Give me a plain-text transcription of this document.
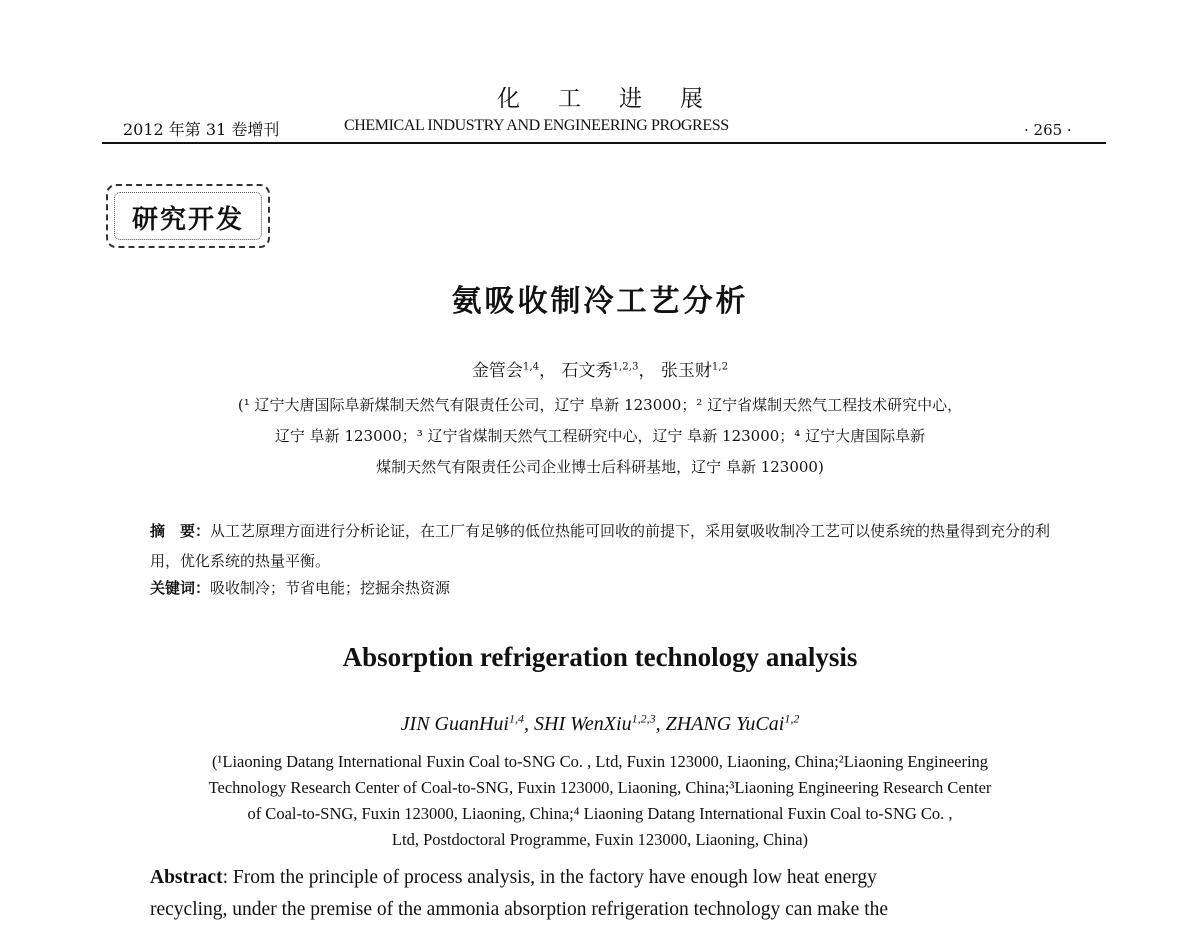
化工进展
2012 年第 31 卷增刊	CHEMICAL INDUSTRY AND ENGINEERING PROGRESS	· 265 ·
研究开发
氨吸收制冷工艺分析
金管会$^{1,4}$， 石文秀$^{1,2,3}$， 张玉财$^{1,2}$
(¹ 辽宁大唐国际阜新煤制天然气有限责任公司，辽宁 阜新 123000；² 辽宁省煤制天然气工程技术研究中心，
辽宁 阜新 123000；³ 辽宁省煤制天然气工程研究中心，辽宁 阜新 123000；⁴ 辽宁大唐国际阜新
煤制天然气有限责任公司企业博士后科研基地，辽宁 阜新 123000)
摘　要：从工艺原理方面进行分析论证，在工厂有足够的低位热能可回收的前提下，采用氨吸收制冷工艺可以使系统的热量得到充分的利用，优化系统的热量平衡。
关键词：吸收制冷；节省电能；挖掘余热资源
Absorption refrigeration technology analysis
JIN GuanHui$^{1,4}$, SHI WenXiu$^{1,2,3}$, ZHANG YuCai$^{1,2}$
(¹Liaoning Datang International Fuxin Coal to-SNG Co. , Ltd, Fuxin 123000, Liaoning, China;²Liaoning Engineering
Technology Research Center of Coal-to-SNG, Fuxin 123000, Liaoning, China;³Liaoning Engineering Research Center
of Coal-to-SNG, Fuxin 123000, Liaoning, China;⁴ Liaoning Datang International Fuxin Coal to-SNG Co. ,
Ltd, Postdoctoral Programme, Fuxin 123000, Liaoning, China)
Abstract: From the principle of process analysis, in the factory have enough low heat energy
recycling, under the premise of the ammonia absorption refrigeration technology can make the
